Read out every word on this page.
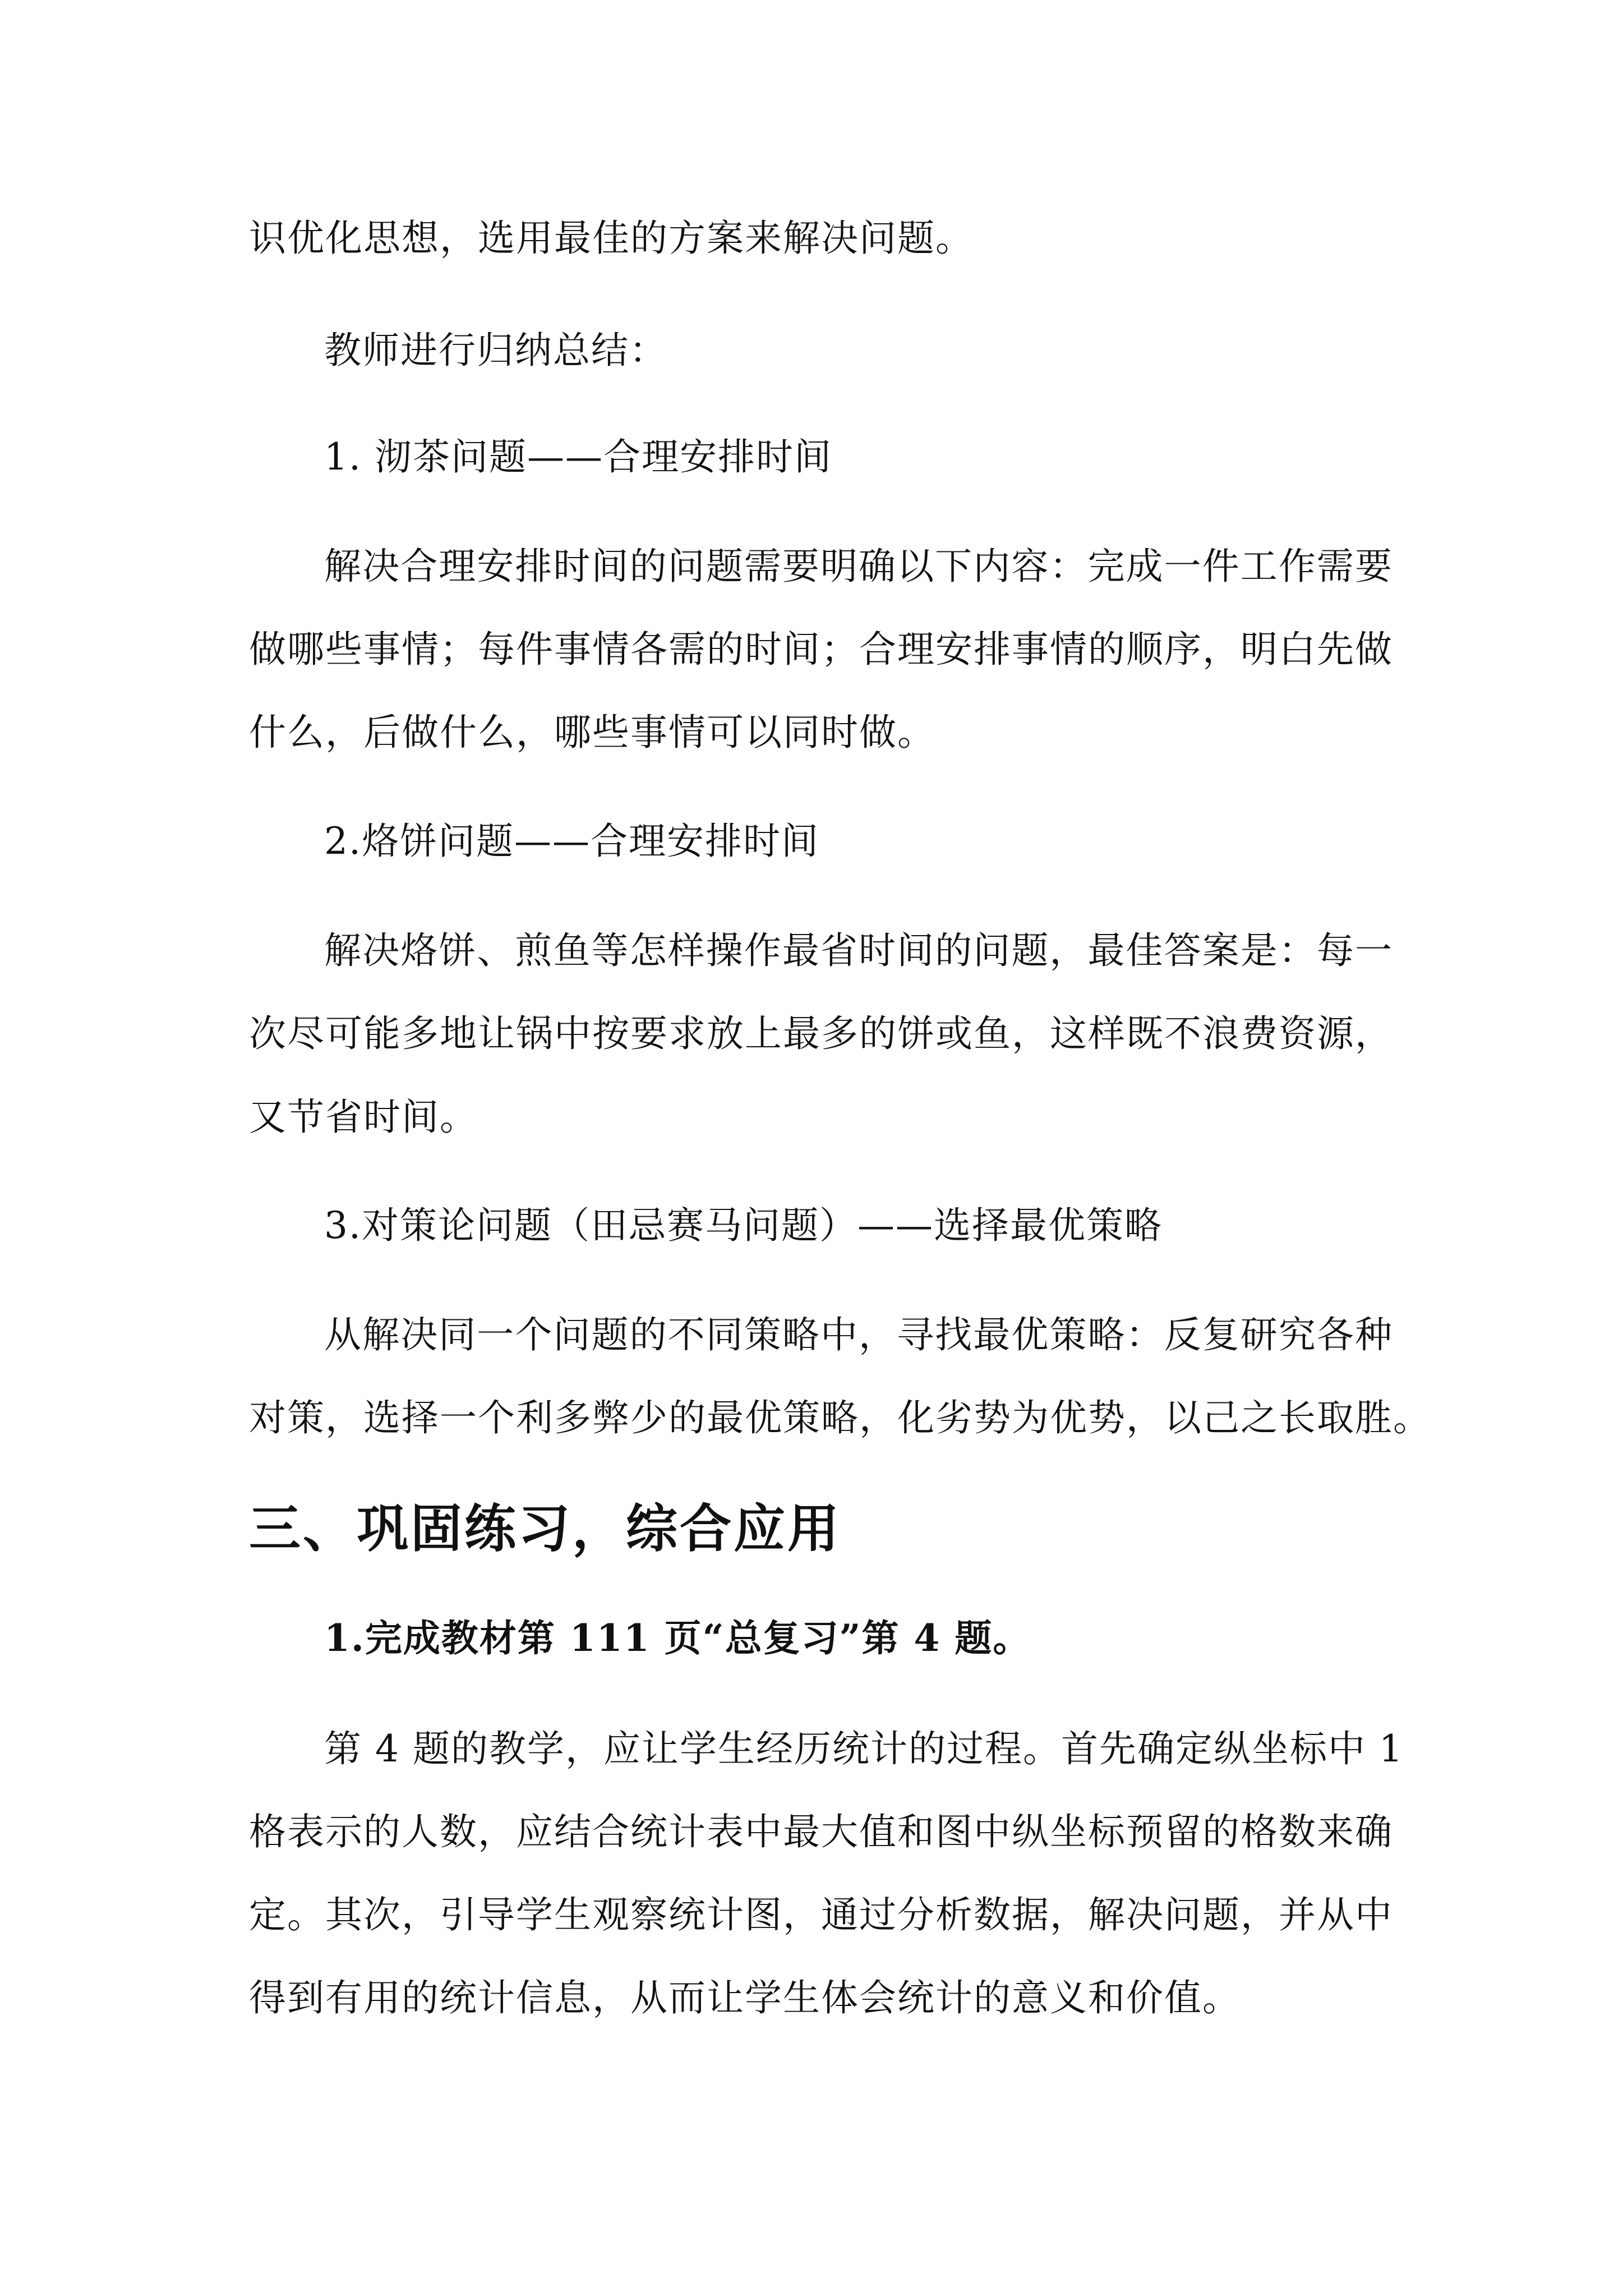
识优化思想，选用最佳的方案来解决问题。
教师进行归纳总结：
1. 沏茶问题——合理安排时间
解决合理安排时间的问题需要明确以下内容：完成一件工作需要
做哪些事情；每件事情各需的时间；合理安排事情的顺序，明白先做
什么，后做什么，哪些事情可以同时做。
2.烙饼问题——合理安排时间
解决烙饼、煎鱼等怎样操作最省时间的问题，最佳答案是：每一
次尽可能多地让锅中按要求放上最多的饼或鱼，这样既不浪费资源，
又节省时间。
3.对策论问题（田忌赛马问题）——选择最优策略
从解决同一个问题的不同策略中，寻找最优策略：反复研究各种
对策，选择一个利多弊少的最优策略，化劣势为优势，以己之长取胜。
三、巩固练习，综合应用
1.完成教材第 111 页“总复习”第 4 题。
第 4 题的教学，应让学生经历统计的过程。首先确定纵坐标中 1
格表示的人数，应结合统计表中最大值和图中纵坐标预留的格数来确
定。其次，引导学生观察统计图，通过分析数据，解决问题，并从中
得到有用的统计信息，从而让学生体会统计的意义和价值。
